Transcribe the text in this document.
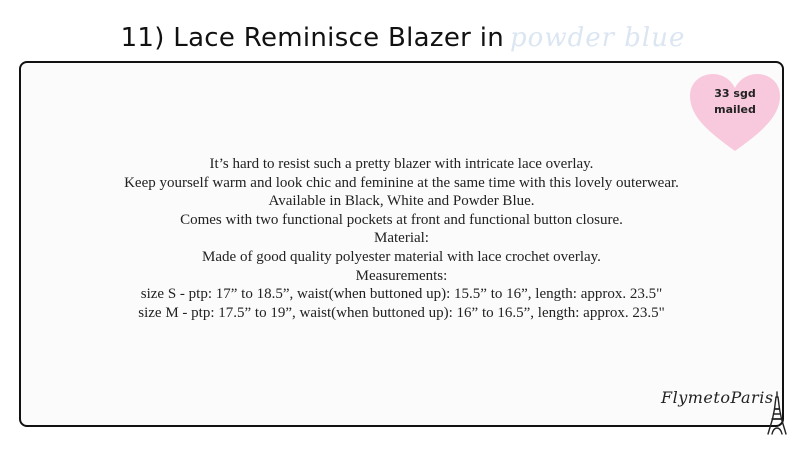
11) Lace Reminisce Blazer in powder blue
33 sgd
mailed
It’s hard to resist such a pretty blazer with intricate lace overlay.
Keep yourself warm and look chic and feminine at the same time with this lovely outerwear.
Available in Black, White and Powder Blue.
Comes with two functional pockets at front and functional button closure.
Material:
Made of good quality polyester material with lace crochet overlay.
Measurements:
size S - ptp: 17” to 18.5”, waist(when buttoned up): 15.5” to 16”, length: approx. 23.5"
size M - ptp: 17.5” to 19”, waist(when buttoned up): 16” to 16.5”, length: approx. 23.5"
FlymetoParis
